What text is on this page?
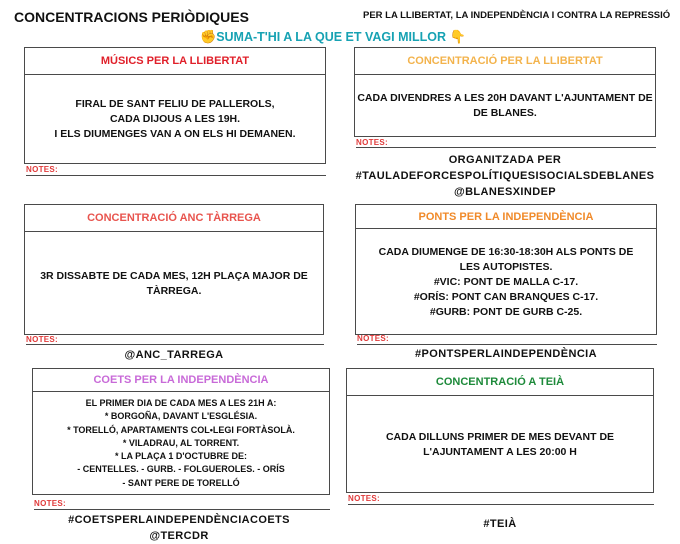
CONCENTRACIONS PERIÒDIQUES	PER LA LLIBERTAT, LA INDEPENDÈNCIA I CONTRA LA REPRESSIÓ
✊SUMA-T'HI A LA QUE ET VAGI MILLOR 👇
MÚSICS PER LA LLIBERTAT
FIRAL DE SANT FELIU DE PALLEROLS,
CADA DIJOUS A LES 19H.
I ELS DIUMENGES VAN A ON ELS HI DEMANEN.
NOTES:
CONCENTRACIÓ PER LA LLIBERTAT
CADA DIVENDRES A LES 20H DAVANT L'AJUNTAMENT DE
DE BLANES.
NOTES:
ORGANITZADA PER
#TAULADEFORCESPOLÍTIQUESISOCIALSDEBLANES
@BLANESXINDEP
CONCENTRACIÓ ANC TÀRREGA
3R DISSABTE DE CADA MES, 12H PLAÇA MAJOR DE
TÀRREGA.
NOTES:
@ANC_TARREGA
PONTS PER LA INDEPENDÈNCIA
CADA DIUMENGE DE 16:30-18:30H ALS PONTS DE
LES AUTOPISTES.
#VIC: PONT DE MALLA C-17.
#ORÍS: PONT CAN BRANQUES C-17.
#GURB: PONT DE GURB C-25.
NOTES:
#PONTSPERLAINDEPENDÈNCIA
COETS PER LA INDEPENDÈNCIA
EL PRIMER DIA DE CADA MES A LES 21H A:
* BORGOÑA, DAVANT L'ESGLÉSIA.
* TORELLÓ, APARTAMENTS COL•LEGI FORTÀSOLÀ.
* VILADRAU, AL TORRENT.
* LA PLAÇA 1 D'OCTUBRE DE:
- CENTELLES. - GURB. - FOLGUEROLES. - ORÍS
- SANT PERE DE TORELLÓ
NOTES:
#COETSPERLAINDEPENDÈNCIACOETS
@TERCDR
CONCENTRACIÓ A TEIÀ
CADA DILLUNS PRIMER DE MES DEVANT DE
L'AJUNTAMENT A LES 20:00 H
NOTES:
#TEIÀ
